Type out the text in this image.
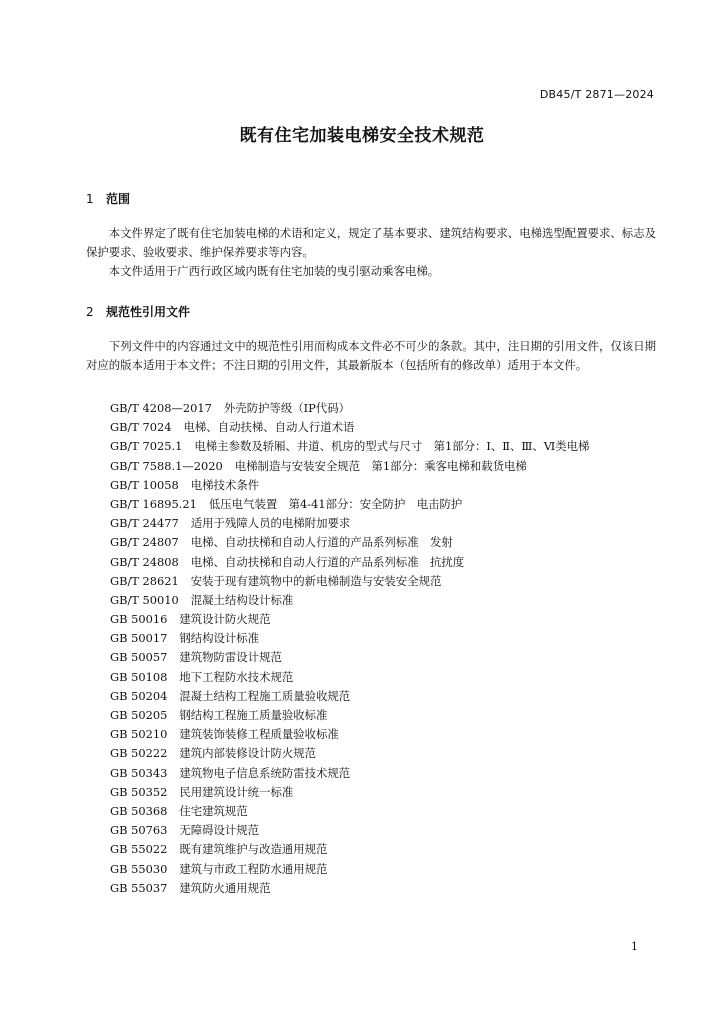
DB45/T 2871—2024
既有住宅加装电梯安全技术规范
1 范围

本文件界定了既有住宅加装电梯的术语和定义，规定了基本要求、建筑结构要求、电梯选型配置要求、标志及保护要求、验收要求、维护保养要求等内容。

本文件适用于广西行政区域内既有住宅加装的曳引驱动乘客电梯。

2 规范性引用文件

下列文件中的内容通过文中的规范性引用而构成本文件必不可少的条款。其中，注日期的引用文件，仅该日期对应的版本适用于本文件；不注日期的引用文件，其最新版本（包括所有的修改单）适用于本文件。

GB/T 4208—2017 外壳防护等级（IP代码）
GB/T 7024 电梯、自动扶梯、自动人行道术语
GB/T 7025.1 电梯主参数及轿厢、井道、机房的型式与尺寸　第1部分：Ⅰ、Ⅱ、Ⅲ、Ⅵ类电梯
GB/T 7588.1—2020 电梯制造与安装安全规范　第1部分：乘客电梯和载货电梯
GB/T 10058 电梯技术条件
GB/T 16895.21 低压电气装置　第4-41部分：安全防护　电击防护
GB/T 24477 适用于残障人员的电梯附加要求
GB/T 24807 电梯、自动扶梯和自动人行道的产品系列标准　发射
GB/T 24808 电梯、自动扶梯和自动人行道的产品系列标准　抗扰度
GB/T 28621 安装于现有建筑物中的新电梯制造与安装安全规范
GB/T 50010 混凝土结构设计标准
GB 50016 建筑设计防火规范
GB 50017 钢结构设计标准
GB 50057 建筑物防雷设计规范
GB 50108 地下工程防水技术规范
GB 50204 混凝土结构工程施工质量验收规范
GB 50205 钢结构工程施工质量验收标准
GB 50210 建筑装饰装修工程质量验收标准
GB 50222 建筑内部装修设计防火规范
GB 50343 建筑物电子信息系统防雷技术规范
GB 50352 民用建筑设计统一标准
GB 50368 住宅建筑规范
GB 50763 无障碍设计规范
GB 55022 既有建筑维护与改造通用规范
GB 55030 建筑与市政工程防水通用规范
GB 55037 建筑防火通用规范
1
